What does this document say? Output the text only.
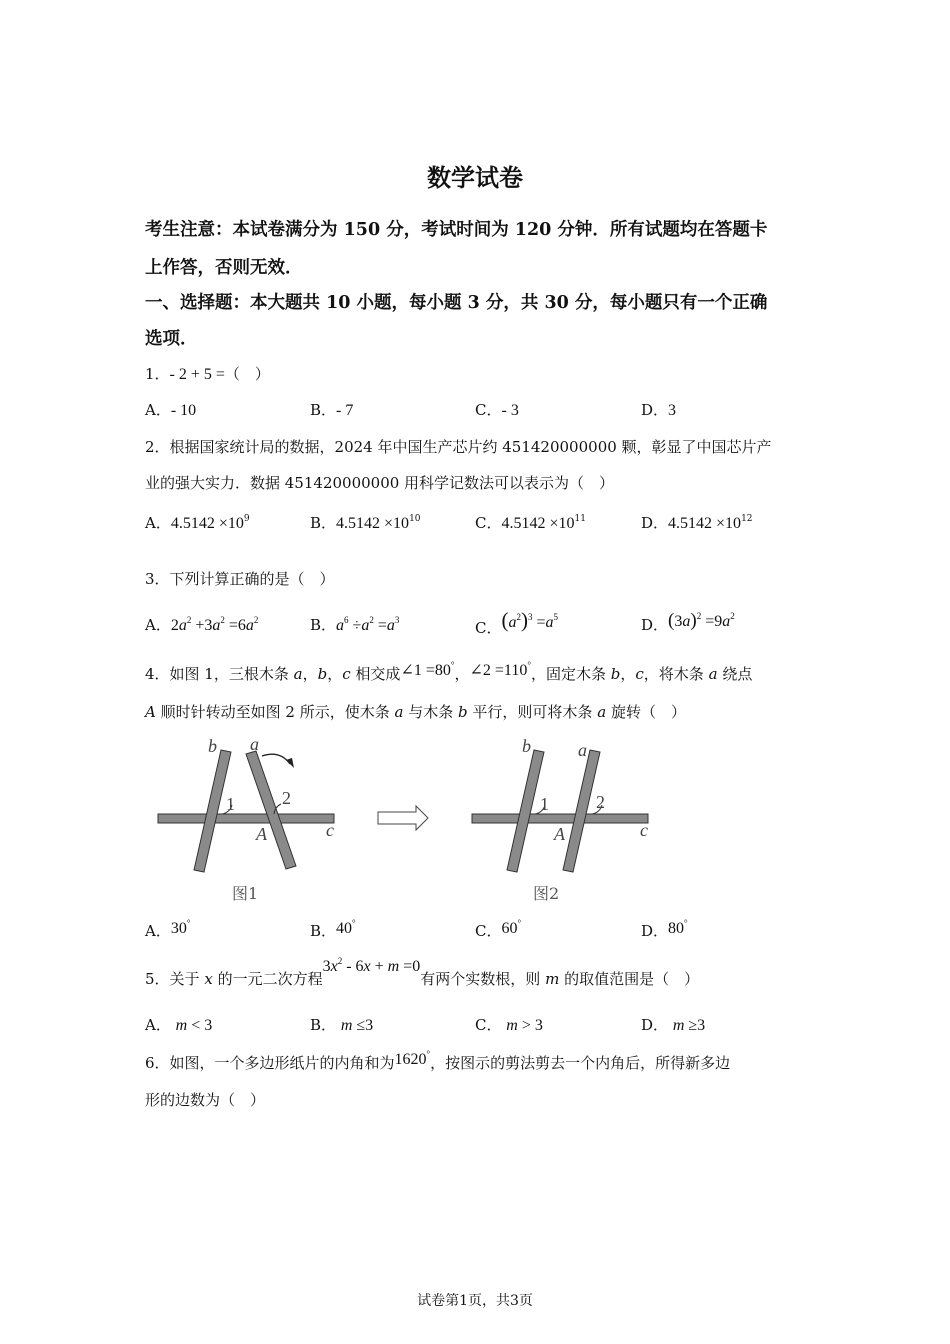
数学试卷
考生注意：本试卷满分为 150 分，考试时间为 120 分钟．所有试题均在答题卡
上作答，否则无效．
一、选择题：本大题共 10 小题，每小题 3 分，共 30 分，每小题只有一个正确
选项．
1．- 2 + 5 =（　）
A．- 10	B．- 7	C．- 3	D．3
2．根据国家统计局的数据，2024 年中国生产芯片约 451420000000 颗，彰显了中国芯片产
业的强大实力．数据 451420000000 用科学记数法可以表示为（　）
A．$4.5142 \times 10^9$	B．$4.5142 \times 10^{10}$	C．$4.5142 \times 10^{11}$	D．$4.5142 \times 10^{12}$
3．下列计算正确的是（　）
A．$2a^2 +3a^2 =6a^2$	B．$a^6 \div a^2 =a^3$	C．$(a^2)^3 =a^5$	D．$(3a)^2 =9a^2$
4．如图 1，三根木条 a，b，c 相交成∠1 =80°，∠2 =110°，固定木条 b，c，将木条 a 绕点
A 顺时针转动至如图 2 所示，使木条 a 与木条 b 平行，则可将木条 a 旋转（　）
b a
c
A
1	2
图1
b	a
c
A
1	2
图2
A．30°	B．40°	C．60°	D．80°
5．关于 x 的一元二次方程$3x^2 - 6x + m =0$有两个实数根，则 m 的取值范围是（　）
A． m < 3	B． m ≤3	C． m > 3	D． m ≥3
6．如图，一个多边形纸片的内角和为1620°，按图示的剪法剪去一个内角后，所得新多边
形的边数为（　）
试卷第1页，共3页
